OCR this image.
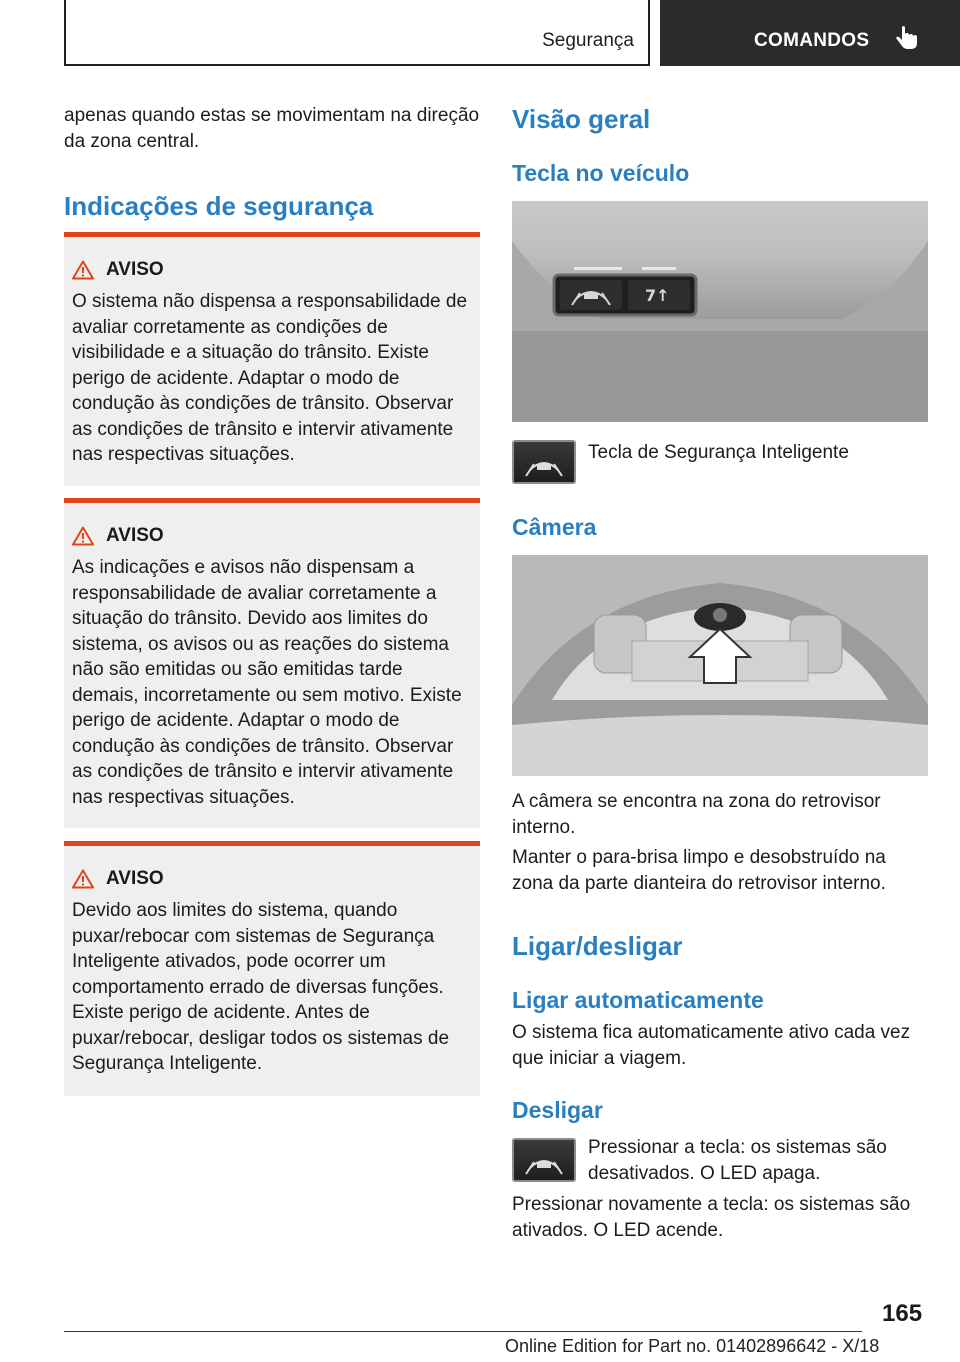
Segurança	COMANDOS

apenas quando estas se movimentam na direção da zona central.

Indicações de segurança
AVISO

O sistema não dispensa a responsabilidade de avaliar corretamente as condições de visibilidade e a situação do trânsito. Existe perigo de acidente. Adaptar o modo de condução às condições de trânsito. Observar as condições de trânsito e intervir ativamente nas respectivas situações.

AVISO

As indicações e avisos não dispensam a responsabilidade de avaliar corretamente a situação do trânsito. Devido aos limites do sistema, os avisos ou as reações do sistema não são emitidas ou são emitidas tarde demais, incorretamente ou sem motivo. Existe perigo de acidente. Adaptar o modo de condução às condições de trânsito. Observar as condições de trânsito e intervir ativamente nas respectivas situações.

AVISO

Devido aos limites do sistema, quando puxar/rebocar com sistemas de Segurança Inteligente ativados, pode ocorrer um comportamento errado de diversas funções. Existe perigo de acidente. Antes de puxar/rebocar, desligar todos os sistemas de Segurança Inteligente.

Visão geral
Tecla no veículo
7↑

Tecla de Segurança Inteligente

Câmera

A câmera se encontra na zona do retrovisor interno.

Manter o para-brisa limpo e desobstruído na zona da parte dianteira do retrovisor interno.

Ligar/desligar
Ligar automaticamente

O sistema fica automaticamente ativo cada vez que iniciar a viagem.

Desligar

Pressionar a tecla: os sistemas são desativados. O LED apaga.

Pressionar novamente a tecla: os sistemas são ativados. O LED acende.

165
Online Edition for Part no. 01402896642 - X/18
